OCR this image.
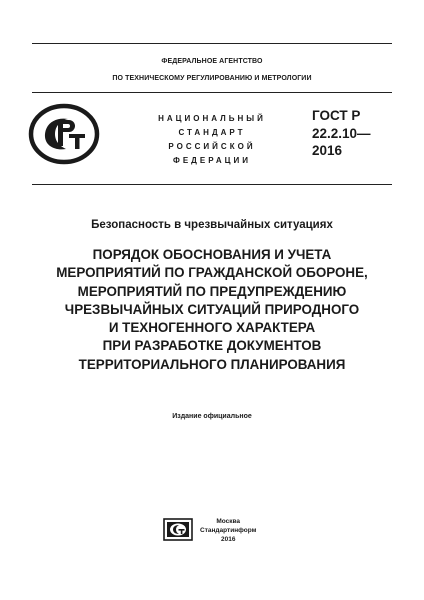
ФЕДЕРАЛЬНОЕ АГЕНТСТВО
ПО ТЕХНИЧЕСКОМУ РЕГУЛИРОВАНИЮ И МЕТРОЛОГИИ
НАЦИОНАЛЬНЫЙ
СТАНДАРТ
РОССИЙСКОЙ
ФЕДЕРАЦИИ
ГОСТ Р
22.2.10—
2016
Безопасность в чрезвычайных ситуациях
ПОРЯДОК ОБОСНОВАНИЯ И УЧЕТА
МЕРОПРИЯТИЙ ПО ГРАЖДАНСКОЙ ОБОРОНЕ,
МЕРОПРИЯТИЙ ПО ПРЕДУПРЕЖДЕНИЮ
ЧРЕЗВЫЧАЙНЫХ СИТУАЦИЙ ПРИРОДНОГО
И ТЕХНОГЕННОГО ХАРАКТЕРА
ПРИ РАЗРАБОТКЕ ДОКУМЕНТОВ
ТЕРРИТОРИАЛЬНОГО ПЛАНИРОВАНИЯ
Издание официальное
Москва
Стандартинформ
2016
